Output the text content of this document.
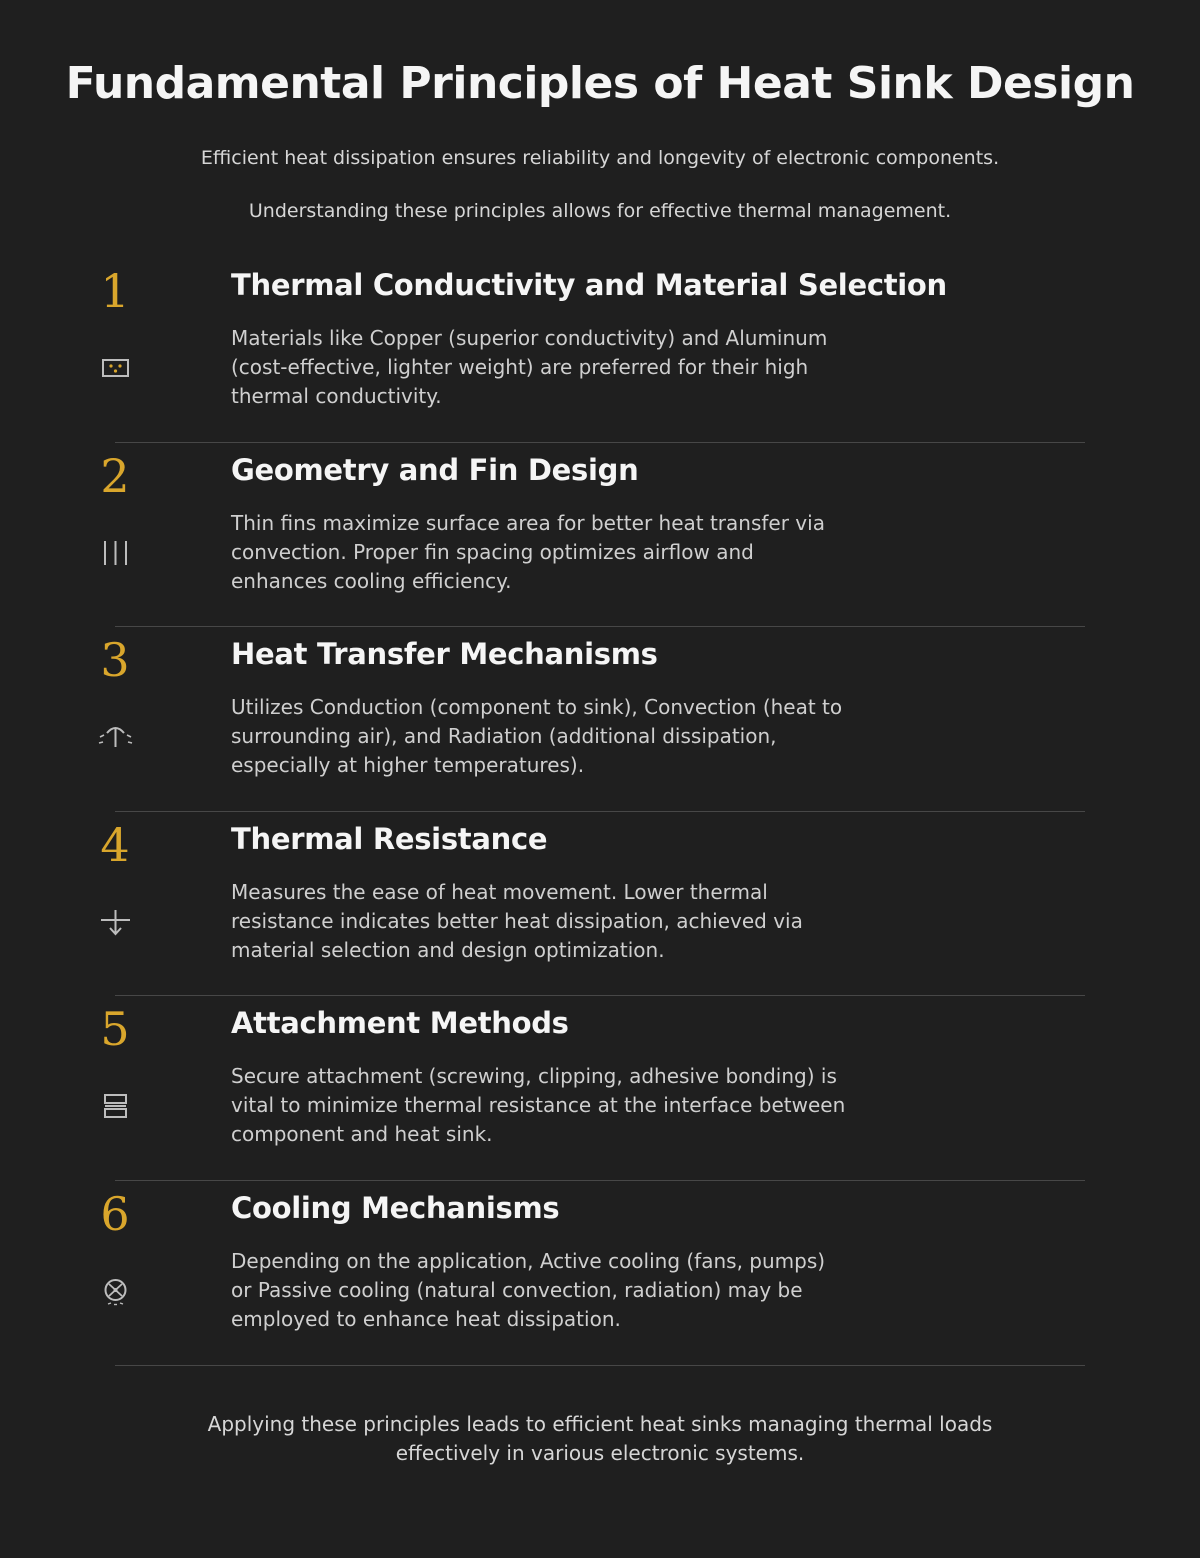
Fundamental Principles of Heat Sink Design

Efficient heat dissipation ensures reliability and longevity of electronic components.

Understanding these principles allows for effective thermal management.

1	Thermal Conductivity and Material Selection

Materials like Copper (superior conductivity) and Aluminum (cost-effective, lighter weight) are preferred for their high thermal conductivity.

2	Geometry and Fin Design

Thin fins maximize surface area for better heat transfer via convection. Proper fin spacing optimizes airflow and enhances cooling efficiency.

3	Heat Transfer Mechanisms

Utilizes Conduction (component to sink), Convection (heat to surrounding air), and Radiation (additional dissipation, especially at higher temperatures).

4	Thermal Resistance

Measures the ease of heat movement. Lower thermal resistance indicates better heat dissipation, achieved via material selection and design optimization.

5	Attachment Methods

Secure attachment (screwing, clipping, adhesive bonding) is vital to minimize thermal resistance at the interface between component and heat sink.

6	Cooling Mechanisms

Depending on the application, Active cooling (fans, pumps) or Passive cooling (natural convection, radiation) may be employed to enhance heat dissipation.

Applying these principles leads to efficient heat sinks managing thermal loads effectively in various electronic systems.
